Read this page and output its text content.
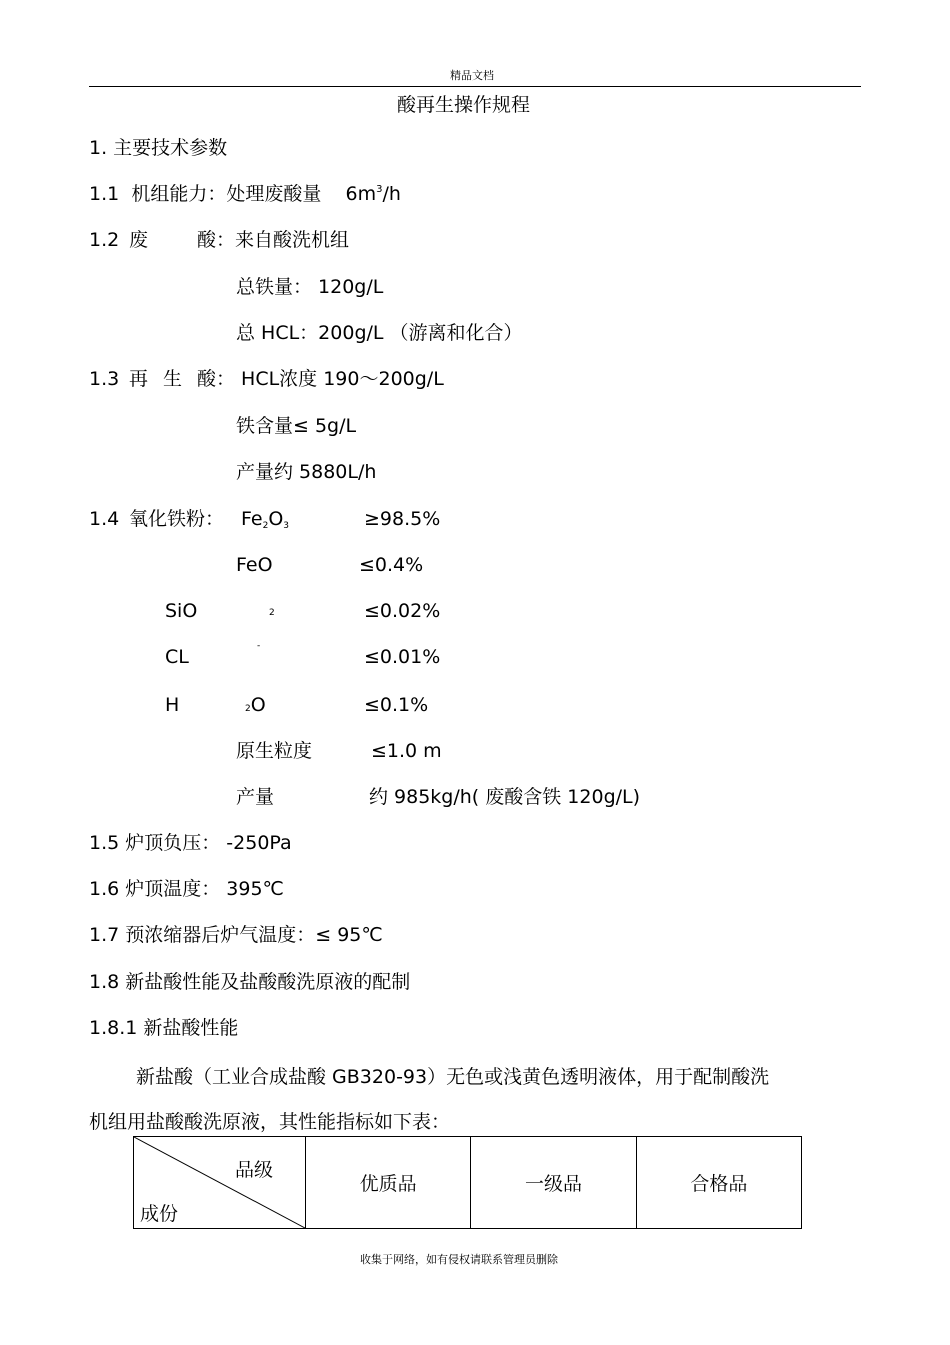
精品文档
酸再生操作规程
1. 主要技术参数
1.1 机组能力：处理废酸量 $6m^3/h$
1.2 废	酸：来自酸洗机组
总铁量： 120g/L
总 HCL：200g/L （游离和化合）
1.3 再 生 酸： HCL浓度 190～200g/L
铁含量≤ 5g/L
产量约 5880L/h
1.4 氧化铁粉： Fe2O3	≥98.5%
FeO	≤0.4%
SiO	2	≤0.02%
CL	-	≤0.01%
H	2O	≤0.1%
原生粒度	≤1.0 m
产量	约 985kg/h( 废酸含铁 120g/L)
1.5 炉顶负压： -250Pa
1.6 炉顶温度： 395℃
1.7 预浓缩器后炉气温度：≤ 95℃
1.8 新盐酸性能及盐酸酸洗原液的配制
1.8.1 新盐酸性能
新盐酸（工业合成盐酸 GB320-93）无色或浅黄色透明液体，用于配制酸洗
机组用盐酸酸洗原液，其性能指标如下表：
品级
成份
	优质品	一级品	合格品
收集于网络，如有侵权请联系管理员删除
